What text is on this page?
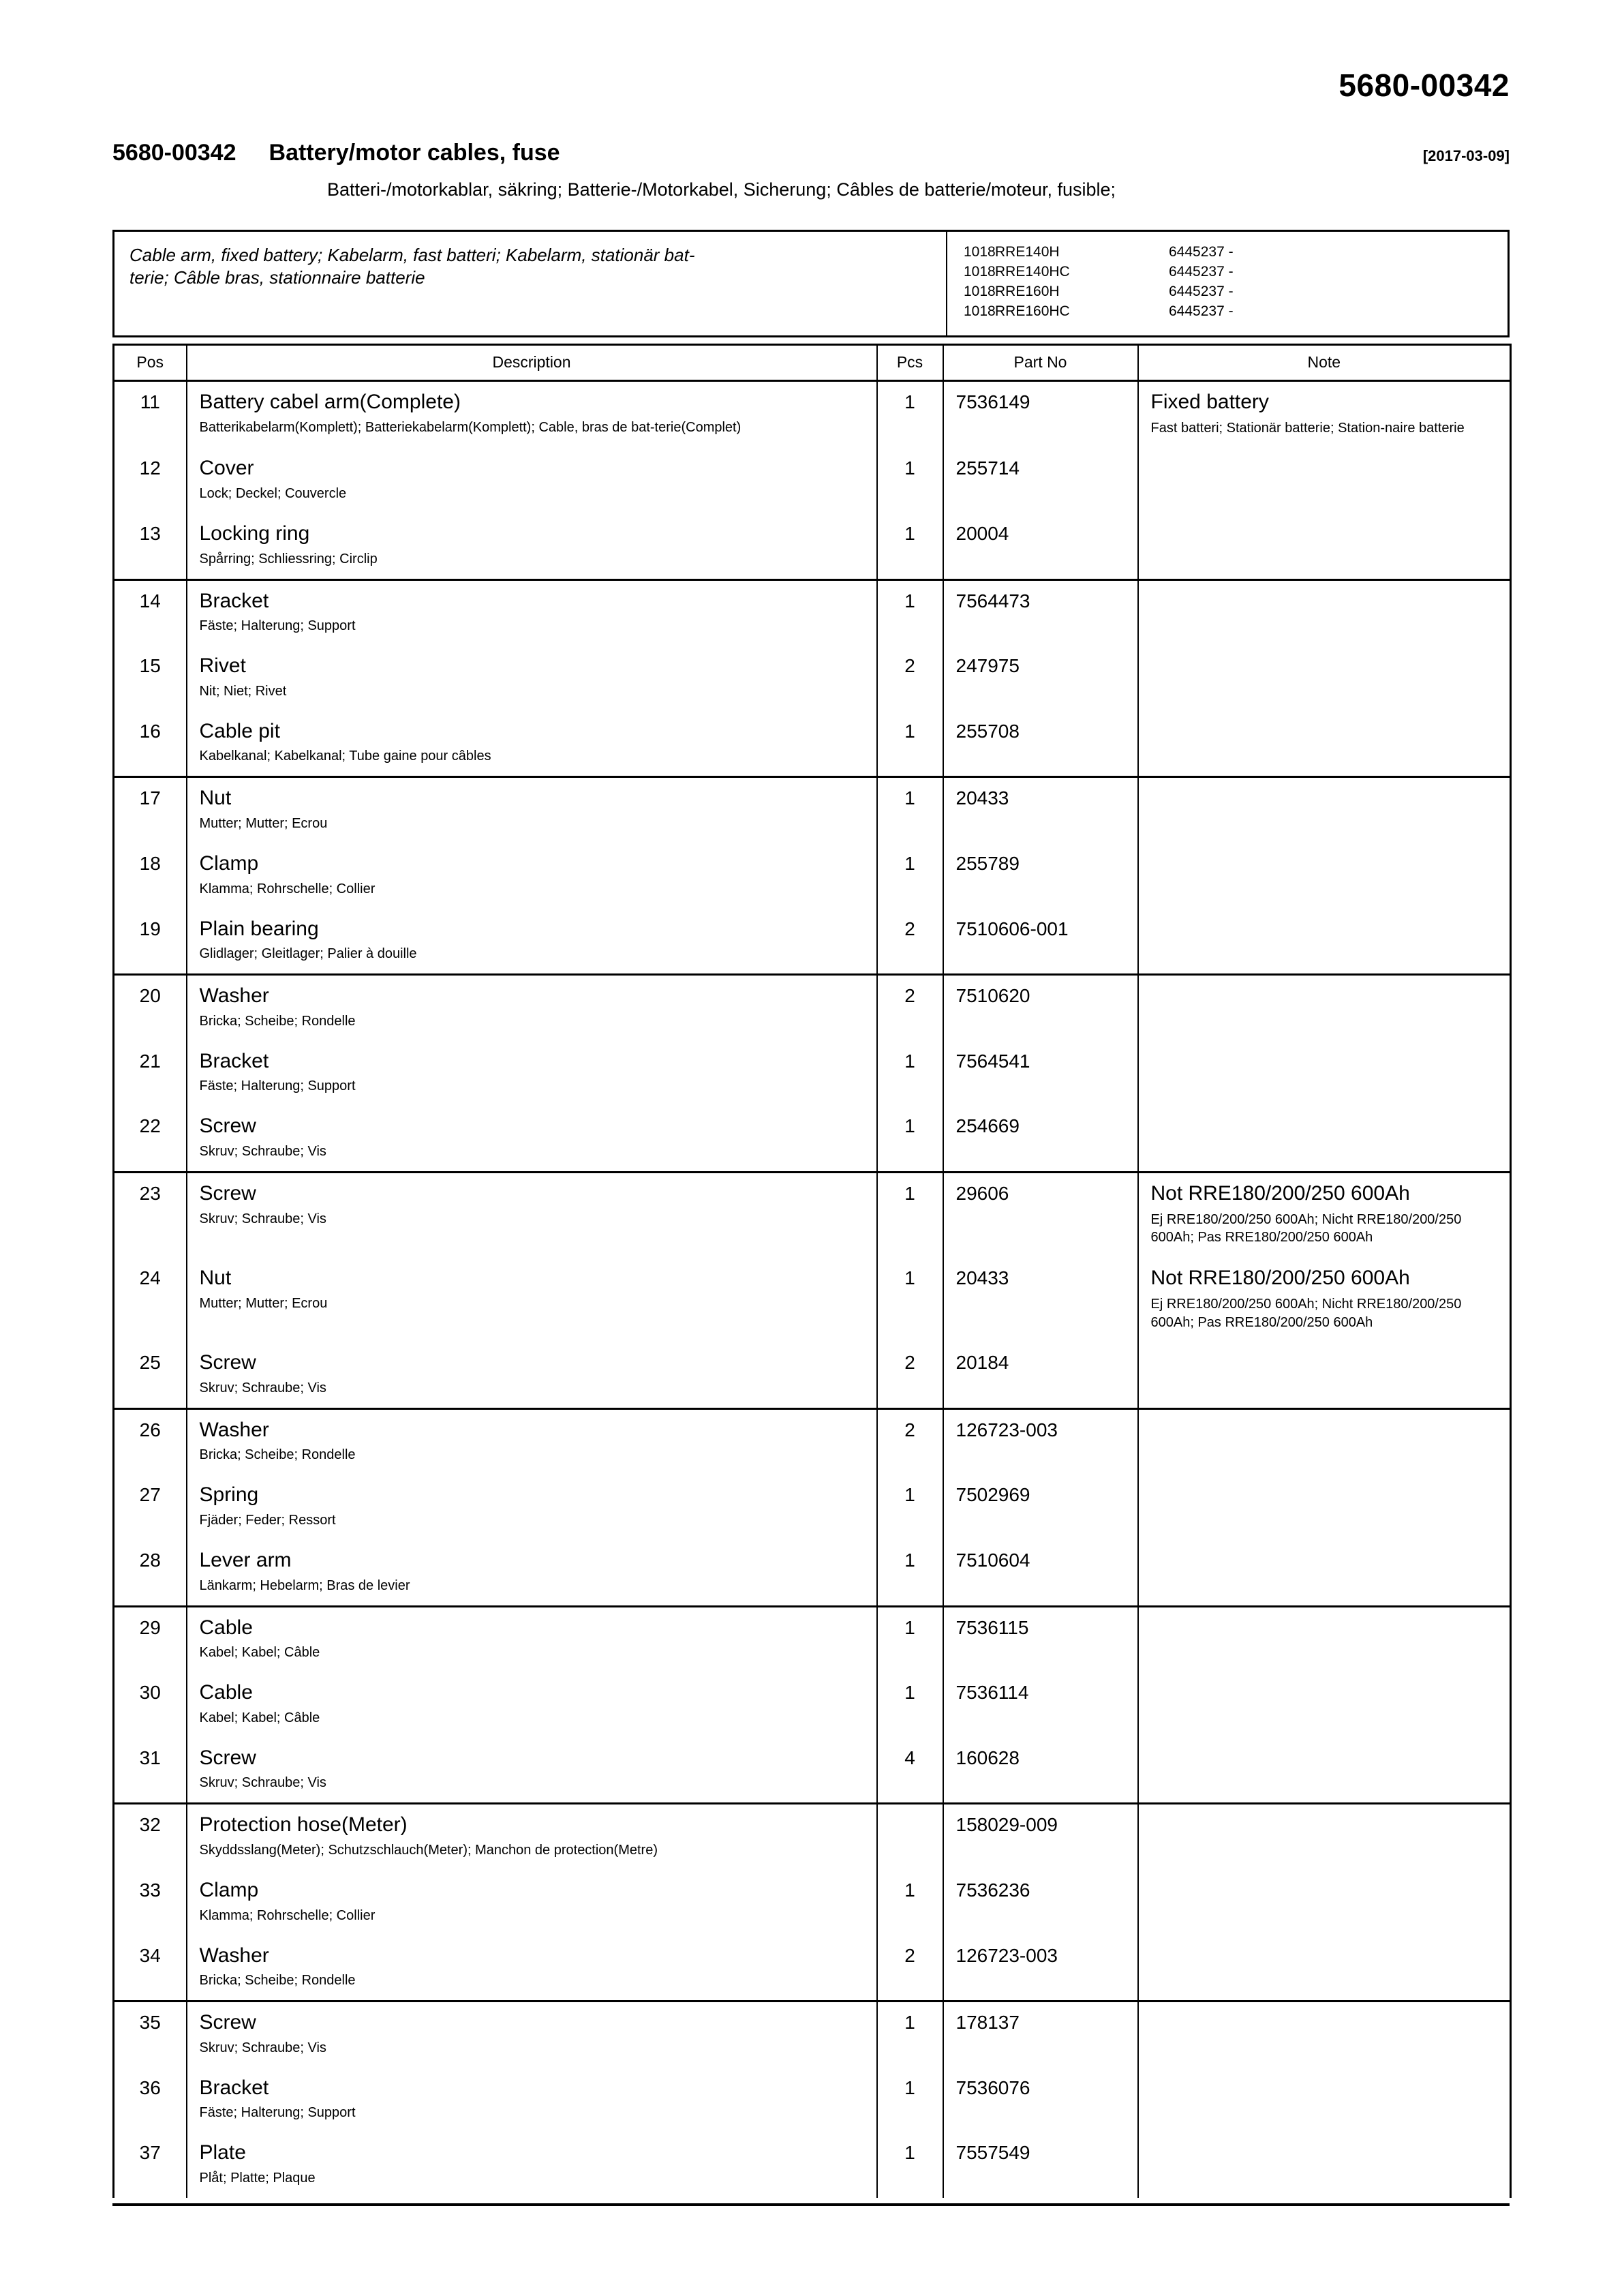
5680-00342
5680-00342 Battery/motor cables, fuse	[2017-03-09]
Batteri-/motorkablar, säkring; Batterie-/Motorkabel, Sicherung; Câbles de batterie/moteur, fusible;
Cable arm, fixed battery; Kabelarm, fast batteri; Kabelarm, stationär bat-
terie; Câble bras, stationnaire batterie
1018 RRE140H	6445237 -
1018 RRE140HC	6445237 -
1018 RRE160H	6445237 -
1018 RRE160HC	6445237 -
Pos	Description	Pcs	Part No	Note
11	Battery cabel arm(Complete)
Batterikabelarm(Komplett); Batteriekabelarm(Komplett); Cable, bras de bat-terie(Complet)
	1	7536149	Fixed battery
Fast batteri; Stationär batterie; Station-naire batterie

12	Cover
Lock; Deckel; Couvercle	1	255714	
13	Locking ring
Spårring; Schliessring; Circlip	1	20004	
14	Bracket
Fäste; Halterung; Support	1	7564473	
15	Rivet
Nit; Niet; Rivet	2	247975	
16	Cable pit
Kabelkanal; Kabelkanal; Tube gaine pour câbles	1	255708	
17	Nut
Mutter; Mutter; Ecrou	1	20433	
18	Clamp
Klamma; Rohrschelle; Collier	1	255789	
19	Plain bearing
Glidlager; Gleitlager; Palier à douille	2	7510606-001	
20	Washer
Bricka; Scheibe; Rondelle	2	7510620	
21	Bracket
Fäste; Halterung; Support	1	7564541	
22	Screw
Skruv; Schraube; Vis	1	254669	
23	Screw
Skruv; Schraube; Vis
	1	29606	Not RRE180/200/250 600Ah
Ej RRE180/200/250 600Ah; Nicht RRE180/200/250 600Ah; Pas RRE180/200/250 600Ah

24	Nut
Mutter; Mutter; Ecrou
	1	20433	Not RRE180/200/250 600Ah
Ej RRE180/200/250 600Ah; Nicht RRE180/200/250 600Ah; Pas RRE180/200/250 600Ah

25	Screw
Skruv; Schraube; Vis	2	20184	
26	Washer
Bricka; Scheibe; Rondelle	2	126723-003	
27	Spring
Fjäder; Feder; Ressort	1	7502969	
28	Lever arm
Länkarm; Hebelarm; Bras de levier	1	7510604	
29	Cable
Kabel; Kabel; Câble	1	7536115	
30	Cable
Kabel; Kabel; Câble	1	7536114	
31	Screw
Skruv; Schraube; Vis	4	160628	
32	Protection hose(Meter)
Skyddsslang(Meter); Schutzschlauch(Meter); Manchon de protection(Metre)		158029-009	
33	Clamp
Klamma; Rohrschelle; Collier	1	7536236	
34	Washer
Bricka; Scheibe; Rondelle	2	126723-003	
35	Screw
Skruv; Schraube; Vis	1	178137	
36	Bracket
Fäste; Halterung; Support	1	7536076	
37	Plate
Plåt; Platte; Plaque	1	7557549	
